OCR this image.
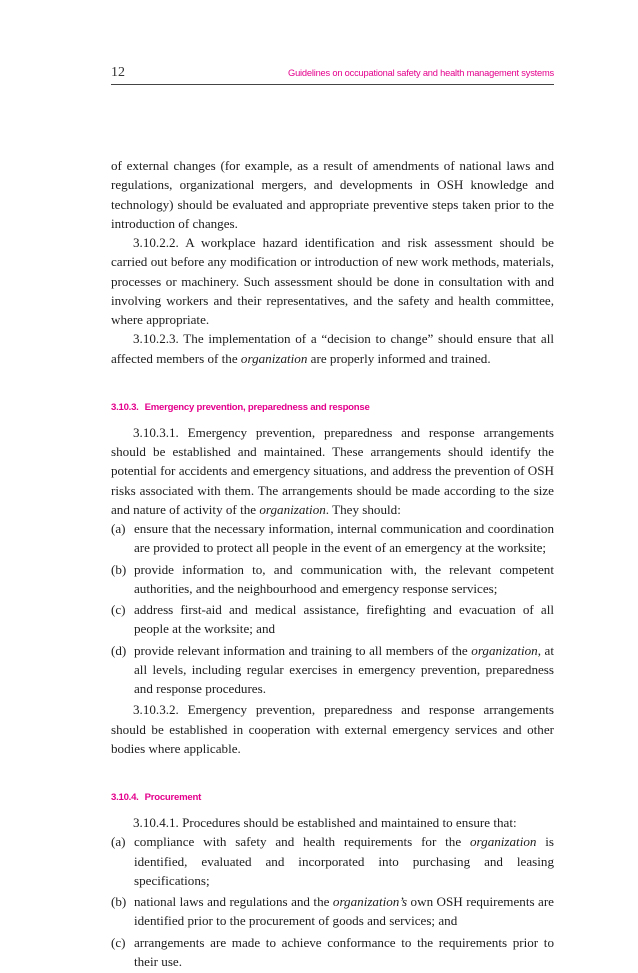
12	Guidelines on occupational safety and health management systems

of external changes (for example, as a result of amendments of national laws and regulations, organizational mergers, and developments in OSH knowledge and technology) should be evaluated and appropriate preventive steps taken prior to the introduction of changes.

3.10.2.2. A workplace hazard identification and risk assessment should be carried out before any modification or introduction of new work methods, materials, processes or machinery. Such assessment should be done in consultation with and involving workers and their representatives, and the safety and health committee, where appropriate.

3.10.2.3. The implementation of a “decision to change” should ensure that all affected members of the organization are properly informed and trained.

3.10.3. Emergency prevention, preparedness and response

3.10.3.1. Emergency prevention, preparedness and response arrangements should be established and maintained. These arrangements should identify the potential for accidents and emergency situations, and address the prevention of OSH risks associated with them. The arrangements should be made according to the size and nature of activity of the organization. They should:

(a) ensure that the necessary information, internal communication and coordination are provided to protect all people in the event of an emergency at the worksite;
(b) provide information to, and communication with, the relevant competent authorities, and the neighbourhood and emergency response services;
(c) address first-aid and medical assistance, firefighting and evacuation of all people at the worksite; and
(d) provide relevant information and training to all members of the organization, at all levels, including regular exercises in emergency prevention, preparedness and response procedures.

3.10.3.2. Emergency prevention, preparedness and response arrangements should be established in cooperation with external emergency services and other bodies where applicable.

3.10.4. Procurement

3.10.4.1. Procedures should be established and maintained to ensure that:

(a) compliance with safety and health requirements for the organization is identified, evaluated and incorporated into purchasing and leasing specifications;
(b) national laws and regulations and the organization’s own OSH requirements are identified prior to the procurement of goods and services; and
(c) arrangements are made to achieve conformance to the requirements prior to their use.
